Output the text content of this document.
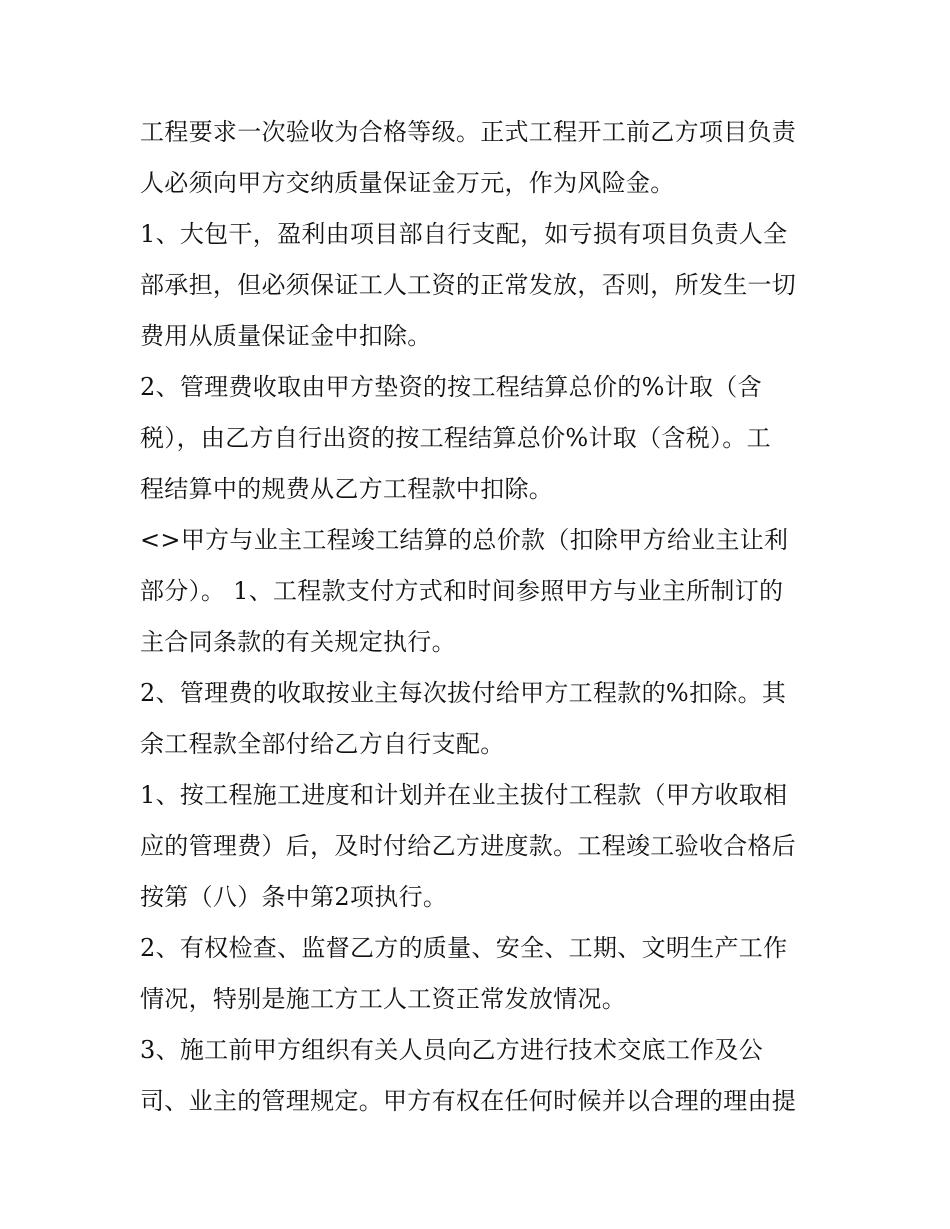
工程要求一次验收为合格等级。正式工程开工前乙方项目负责
人必须向甲方交纳质量保证金万元，作为风险金。
1、大包干，盈利由项目部自行支配，如亏损有项目负责人全
部承担，但必须保证工人工资的正常发放，否则，所发生一切
费用从质量保证金中扣除。
2、管理费收取由甲方垫资的按工程结算总价的%计取（含
税），由乙方自行出资的按工程结算总价%计取（含税）。工
程结算中的规费从乙方工程款中扣除。
<>甲方与业主工程竣工结算的总价款（扣除甲方给业主让利
部分）。 1、工程款支付方式和时间参照甲方与业主所制订的
主合同条款的有关规定执行。
2、管理费的收取按业主每次拔付给甲方工程款的%扣除。其
余工程款全部付给乙方自行支配。
1、按工程施工进度和计划并在业主拔付工程款（甲方收取相
应的管理费）后，及时付给乙方进度款。工程竣工验收合格后
按第（八）条中第2项执行。
2、有权检查、监督乙方的质量、安全、工期、文明生产工作
情况，特别是施工方工人工资正常发放情况。
3、施工前甲方组织有关人员向乙方进行技术交底工作及公
司、业主的管理规定。甲方有权在任何时候并以合理的理由提
